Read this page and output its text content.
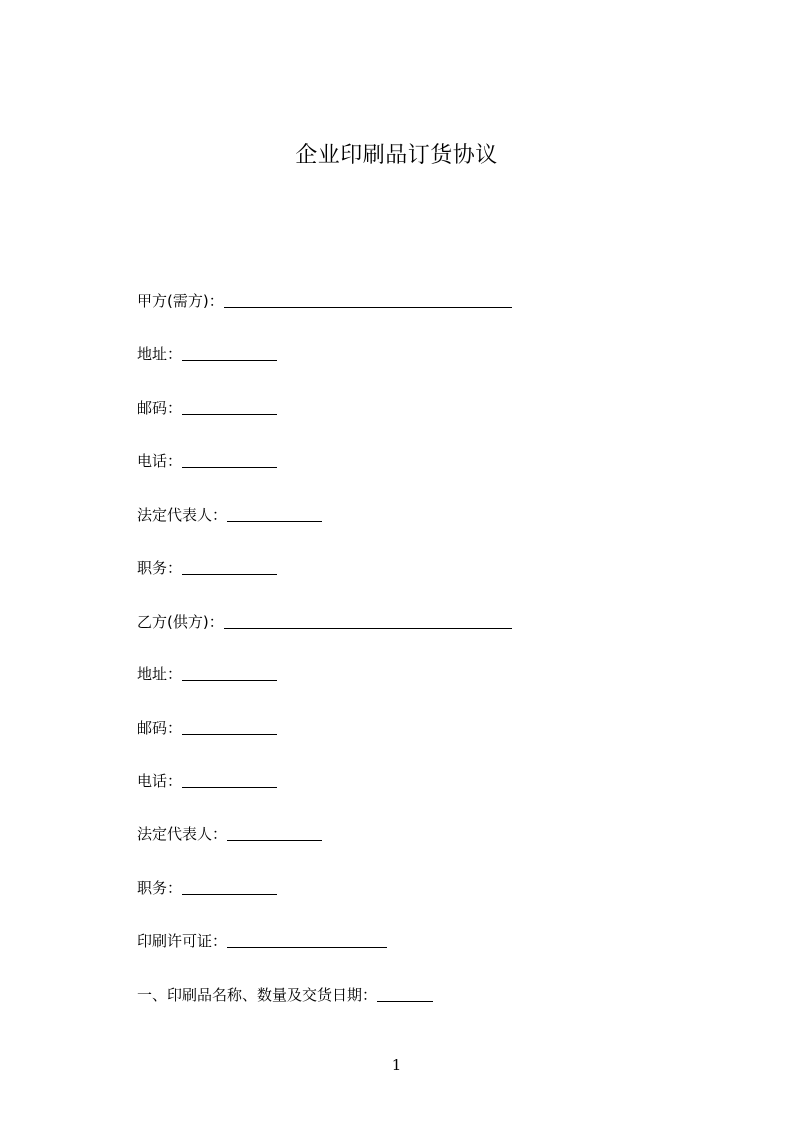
企业印刷品订货协议
甲方(需方)：
地址：
邮码：
电话：
法定代表人：
职务：
乙方(供方)：
地址：
邮码：
电话：
法定代表人：
职务：
印刷许可证：
一、印刷品名称、数量及交货日期：
1
